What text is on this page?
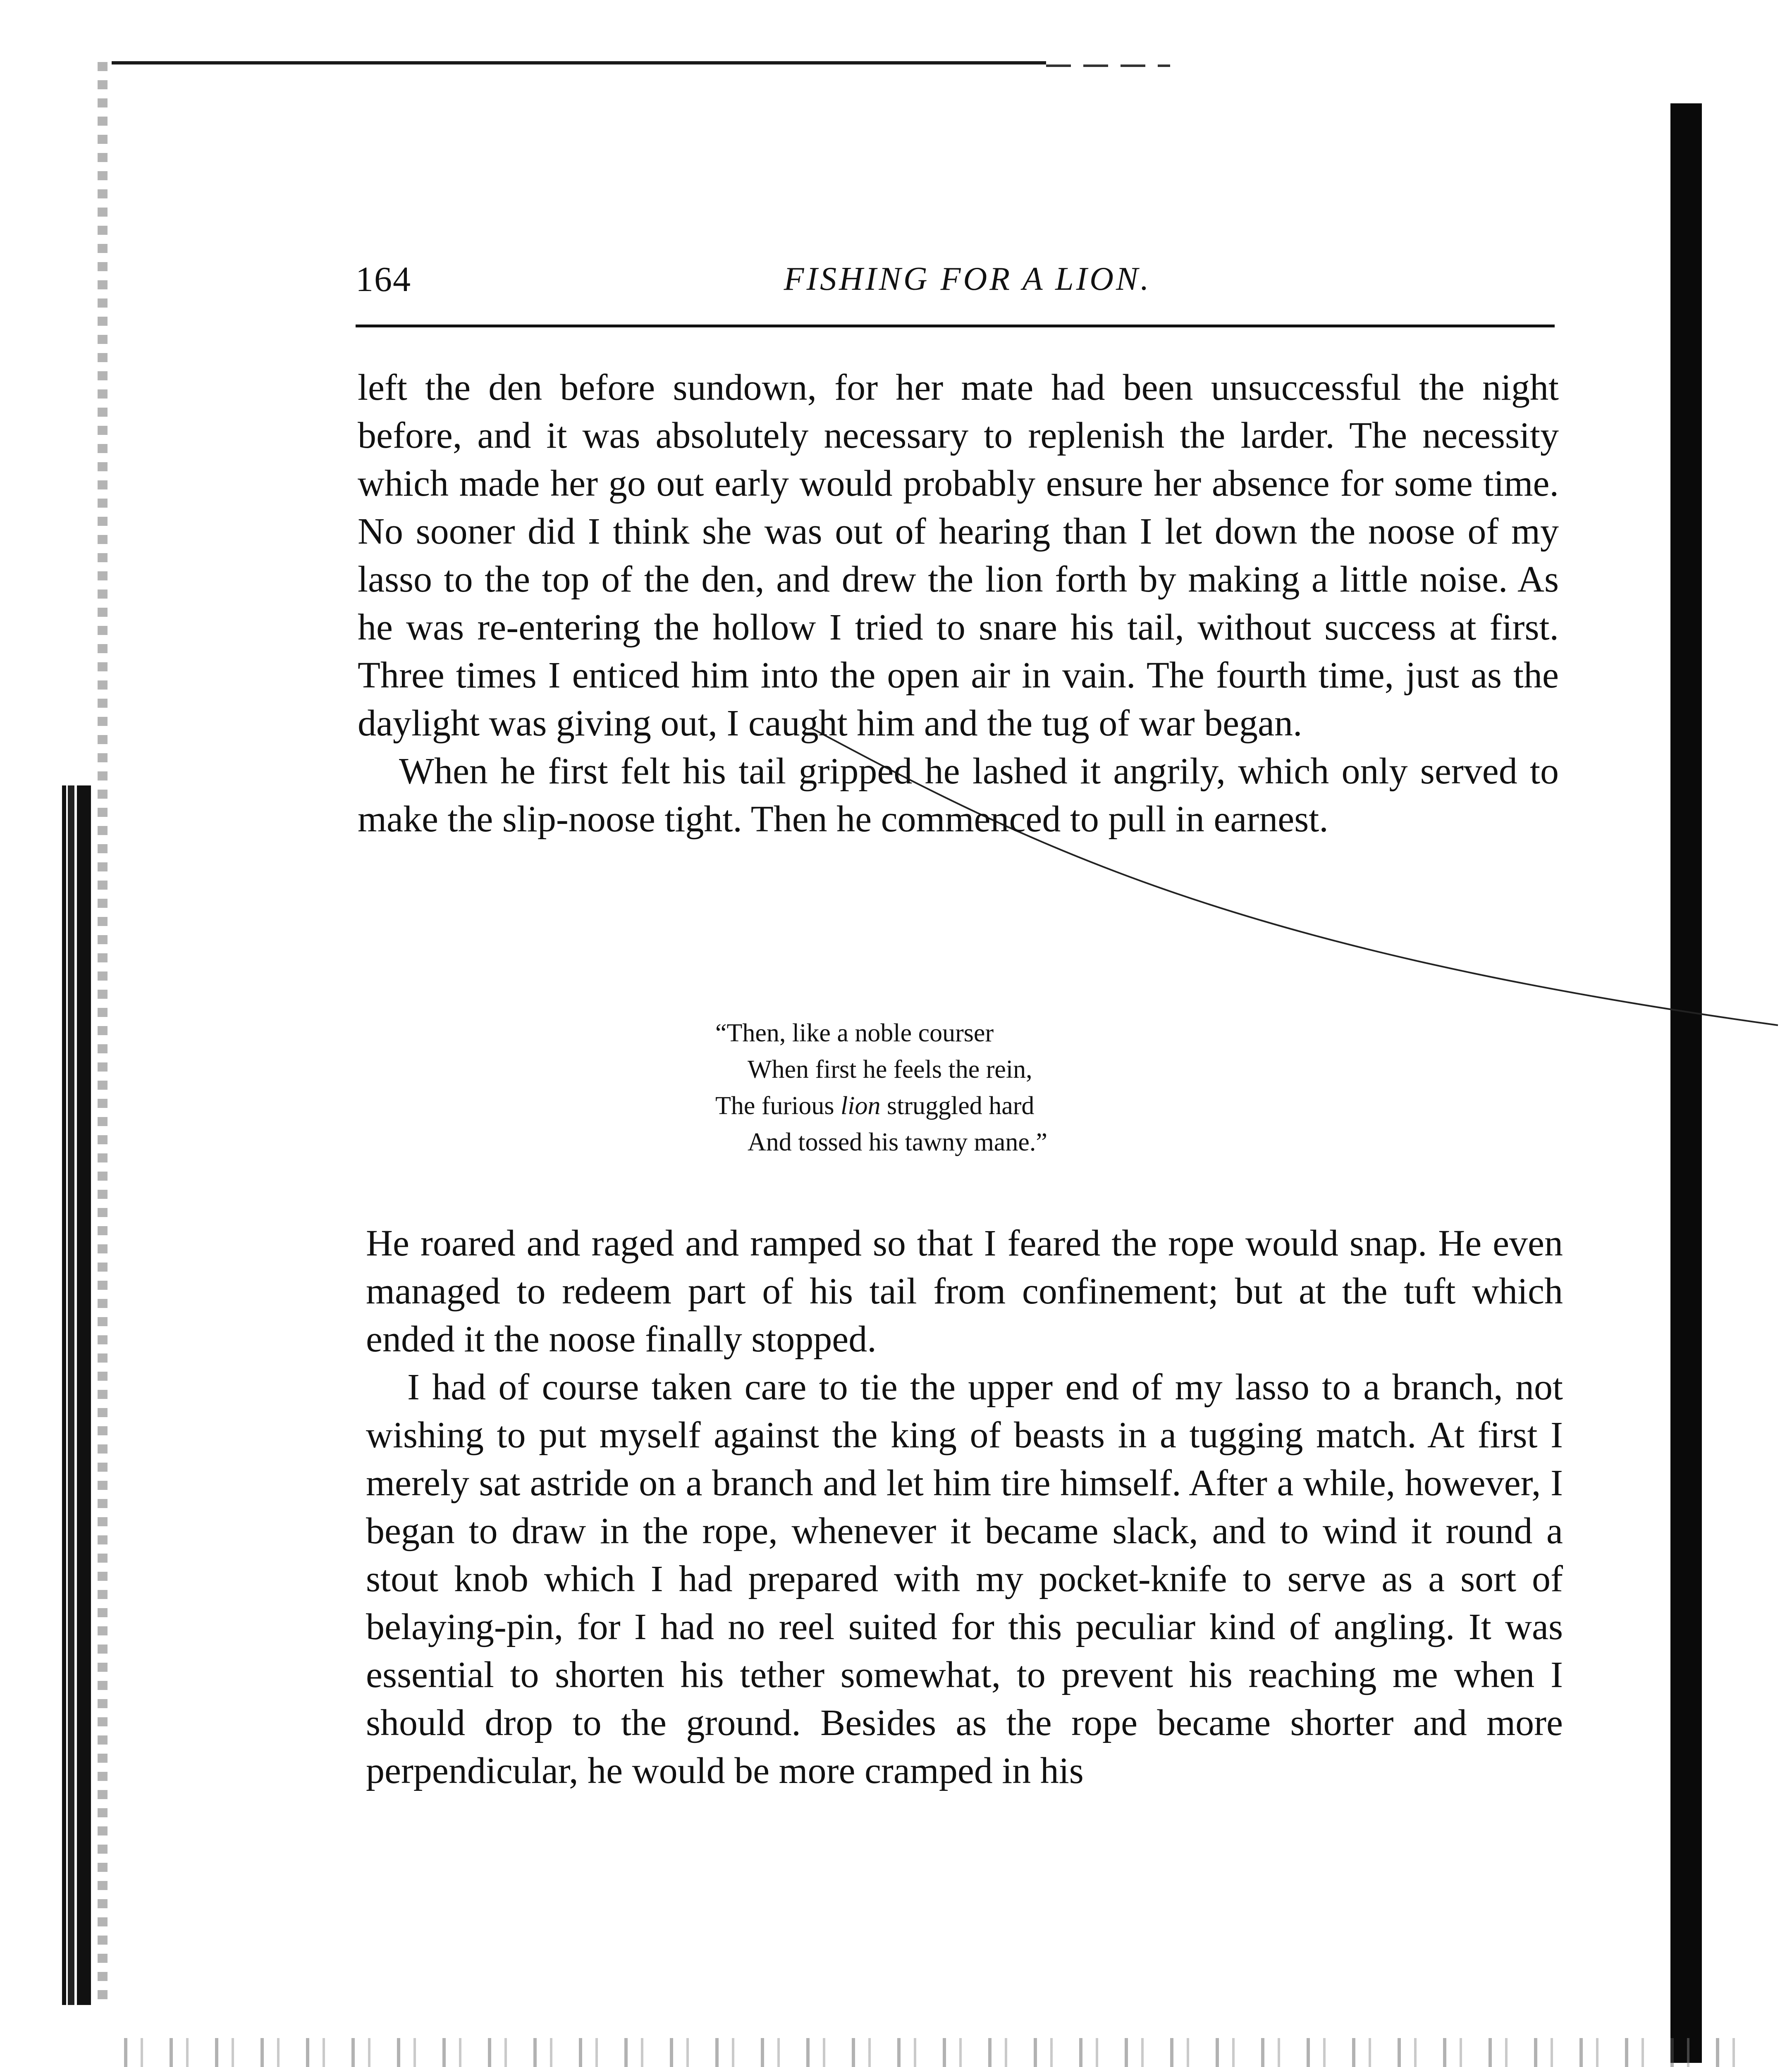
164	FISHING FOR A LION.

left the den before sundown, for her mate had been unsuccessful the night before, and it was absolutely necessary to replenish the larder. The necessity which made her go out early would probably ensure her absence for some time. No sooner did I think she was out of hearing than I let down the noose of my lasso to the top of the den, and drew the lion forth by making a little noise. As he was re-entering the hollow I tried to snare his tail, without success at first. Three times I enticed him into the open air in vain. The fourth time, just as the daylight was giving out, I caught him and the tug of war began.

When he first felt his tail gripped he lashed it angrily, which only served to make the slip-noose tight. Then he commenced to pull in earnest.

“Then, like a noble courser
When first he feels the rein,
The furious lion struggled hard
And tossed his tawny mane.”

He roared and raged and ramped so that I feared the rope would snap. He even managed to redeem part of his tail from confinement; but at the tuft which ended it the noose finally stopped.

I had of course taken care to tie the upper end of my lasso to a branch, not wishing to put myself against the king of beasts in a tugging match. At first I merely sat astride on a branch and let him tire himself. After a while, however, I began to draw in the rope, whenever it became slack, and to wind it round a stout knob which I had prepared with my pocket-knife to serve as a sort of belaying-pin, for I had no reel suited for this peculiar kind of angling. It was essential to shorten his tether somewhat, to prevent his reaching me when I should drop to the ground. Besides as the rope became shorter and more perpendicular, he would be more cramped in his
